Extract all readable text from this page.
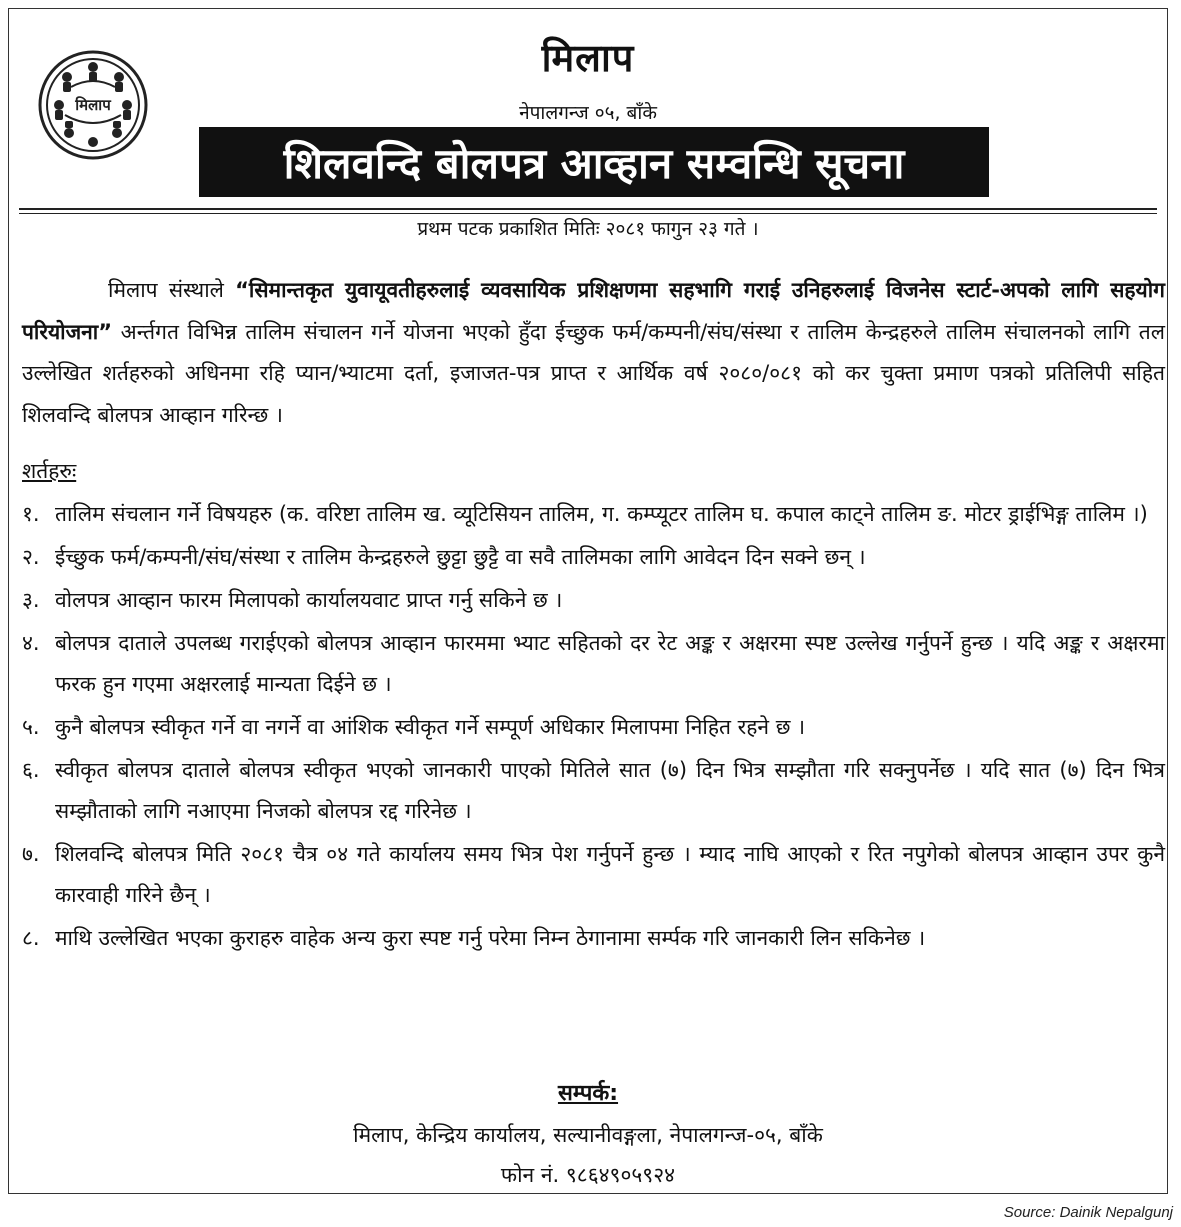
मिलाप
मिलाप
नेपालगन्ज ०५, बाँके
शिलवन्दि बोलपत्र आव्हान सम्वन्धि सूचना
प्रथम पटक प्रकाशित मितिः २०८१ फागुन २३ गते ।

मिलाप संस्थाले “सिमान्तकृत युवायूवतीहरुलाई व्यवसायिक प्रशिक्षणमा सहभागि गराई उनिहरुलाई विजनेस स्टार्ट-अपको लागि सहयोग परियोजना” अर्न्तगत विभिन्न तालिम संचालन गर्ने योजना भएको हुँदा ईच्छुक फर्म/कम्पनी/संघ/संस्था र तालिम केन्द्रहरुले तालिम संचालनको लागि तल उल्लेखित शर्तहरुको अधिनमा रहि प्यान/भ्याटमा दर्ता, इजाजत-पत्र प्राप्त र आर्थिक वर्ष २०८०/०८१ को कर चुक्ता प्रमाण पत्रको प्रतिलिपी सहित शिलवन्दि बोलपत्र आव्हान गरिन्छ ।

शर्तहरुः
१. तालिम संचलान गर्ने विषयहरु (क. वरिष्टा तालिम ख. व्यूटिसियन तालिम, ग. कम्प्यूटर तालिम घ. कपाल काट्ने तालिम ङ. मोटर ड्राईभिङ्ग तालिम ।)
२. ईच्छुक फर्म/कम्पनी/संघ/संस्था र तालिम केन्द्रहरुले छुट्टा छुट्टै वा सवै तालिमका लागि आवेदन दिन सक्ने छन् ।
३. वोलपत्र आव्हान फारम मिलापको कार्यालयवाट प्राप्त गर्नु सकिने छ ।
४. बोलपत्र दाताले उपलब्ध गराईएको बोलपत्र आव्हान फारममा भ्याट सहितको दर रेट अङ्क र अक्षरमा स्पष्ट उल्लेख गर्नुपर्ने हुन्छ । यदि अङ्क र अक्षरमा फरक हुन गएमा अक्षरलाई मान्यता दिईने छ ।
५. कुनै बोलपत्र स्वीकृत गर्ने वा नगर्ने वा आंशिक स्वीकृत गर्ने सम्पूर्ण अधिकार मिलापमा निहित रहने छ ।
६. स्वीकृत बोलपत्र दाताले बोलपत्र स्वीकृत भएको जानकारी पाएको मितिले सात (७) दिन भित्र सम्झौता गरि सक्नुपर्नेछ । यदि सात (७) दिन भित्र सम्झौताको लागि नआएमा निजको बोलपत्र रद्द गरिनेछ ।
७. शिलवन्दि बोलपत्र मिति २०८१ चैत्र ०४ गते कार्यालय समय भित्र पेश गर्नुपर्ने हुन्छ । म्याद नाघि आएको र रित नपुगेको बोलपत्र आव्हान उपर कुनै कारवाही गरिने छैन् ।
८. माथि उल्लेखित भएका कुराहरु वाहेक अन्य कुरा स्पष्ट गर्नु परेमा निम्न ठेगानामा सर्म्पक गरि जानकारी लिन सकिनेछ ।
सम्पर्क:
मिलाप, केन्द्रिय कार्यालय, सल्यानीवङ्गला, नेपालगन्ज-०५, बाँके
फोन नं. ९८६४९०५९२४
Source: Dainik Nepalgunj
